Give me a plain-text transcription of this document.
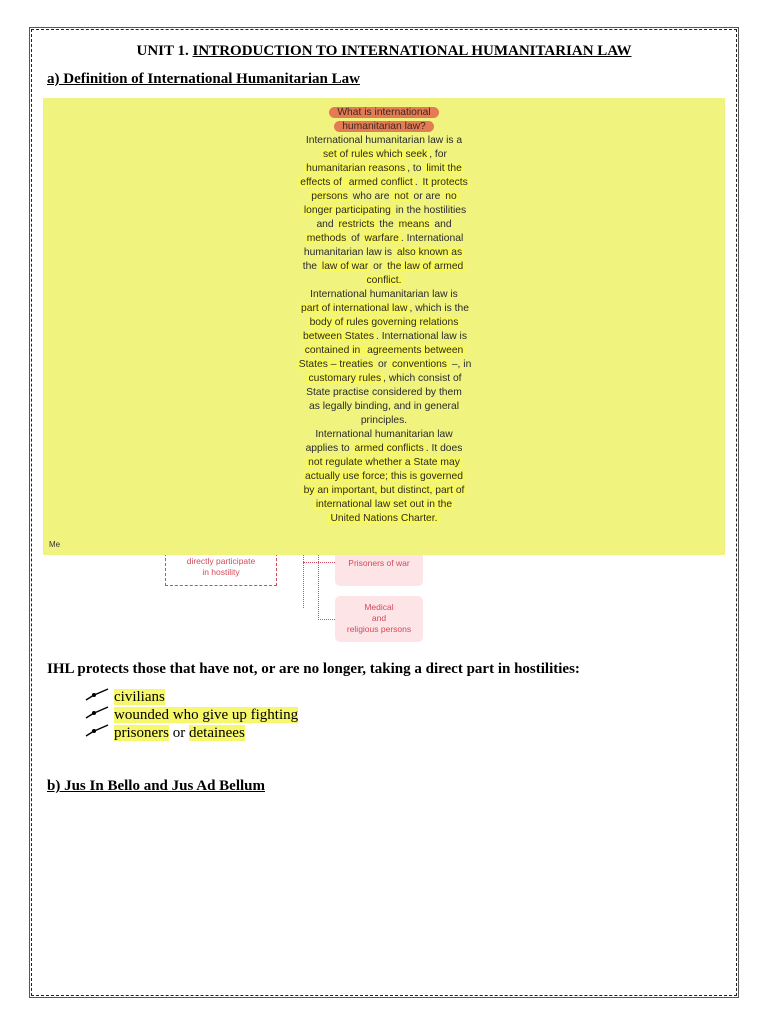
UNIT 1. INTRODUCTION TO INTERNATIONAL HUMANITARIAN LAW
a) Definition of International Humanitarian Law
directly participate
in hostility
Prisoners of war
Medical
and
religious persons
What is international
humanitarian law?
International humanitarian law is a
set of rules which seek , for
humanitarian reasons , to limit the
effects of armed conflict . It protects
persons who are not or are no
longer participating in the hostilities
and restricts the means and
methods of warfare . International
humanitarian law is also known as
the law of war or the law of armed
conflict.
International humanitarian law is
part of international law , which is the
body of rules governing relations
between States . International law is
contained in agreements between
States – treaties or conventions –, in
customary rules , which consist of
State practise considered by them
as legally binding, and in general
principles.
International humanitarian law
applies to armed conflicts . It does
not regulate whether a State may
actually use force; this is governed
by an important, but distinct, part of
international law set out in the
United Nations Charter.
Me
IHL protects those that have not, or are no longer, taking a direct part in hostilities:
civilians
wounded who give up fighting
prisoners or detainees
b) Jus In Bello and Jus Ad Bellum
